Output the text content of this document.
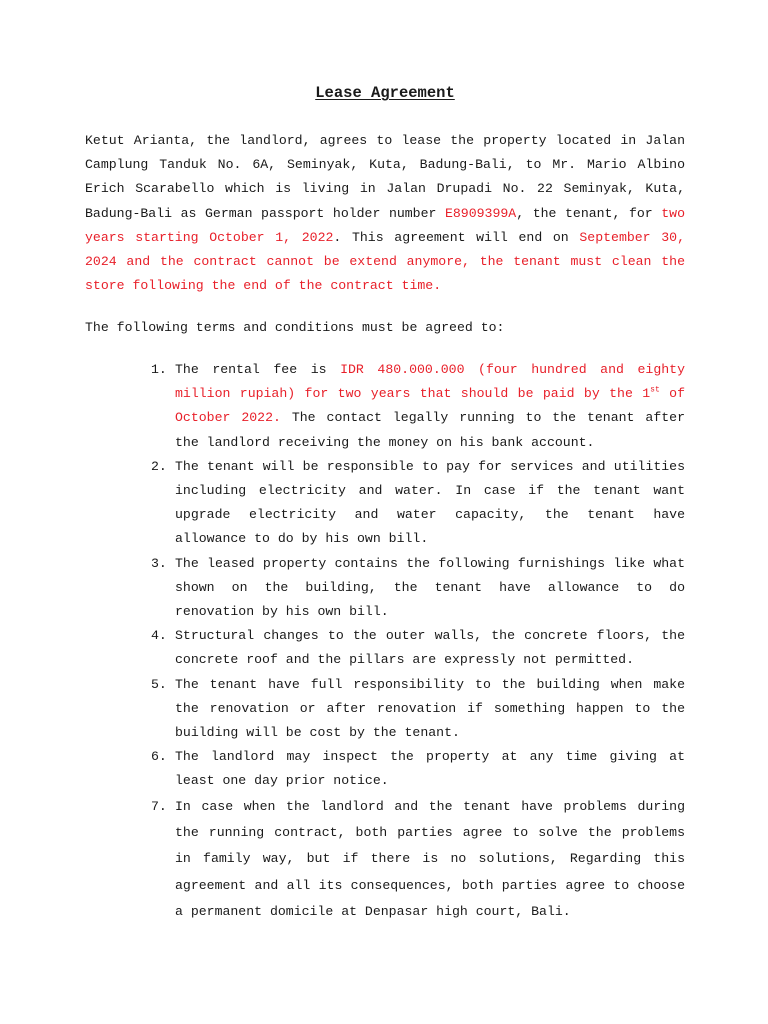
Lease Agreement

Ketut Arianta, the landlord, agrees to lease the property located in Jalan Camplung Tanduk No. 6A, Seminyak, Kuta, Badung-Bali, to Mr. Mario Albino Erich Scarabello which is living in Jalan Drupadi No. 22 Seminyak, Kuta, Badung-Bali as German passport holder number E8909399A, the tenant, for two years starting October 1, 2022. This agreement will end on September 30, 2024 and the contract cannot be extend anymore, the tenant must clean the store following the end of the contract time.

The following terms and conditions must be agreed to:

1. The rental fee is IDR 480.000.000 (four hundred and eighty million rupiah) for two years that should be paid by the 1st of October 2022. The contact legally running to the tenant after the landlord receiving the money on his bank account.
2. The tenant will be responsible to pay for services and utilities including electricity and water. In case if the tenant want upgrade electricity and water capacity, the tenant have allowance to do by his own bill.
3. The leased property contains the following furnishings like what shown on the building, the tenant have allowance to do renovation by his own bill.
4. Structural changes to the outer walls, the concrete floors, the concrete roof and the pillars are expressly not permitted.
5. The tenant have full responsibility to the building when make the renovation or after renovation if something happen to the building will be cost by the tenant.
6. The landlord may inspect the property at any time giving at least one day prior notice.
7. In case when the landlord and the tenant have problems during the running contract, both parties agree to solve the problems in family way, but if there is no solutions, Regarding this agreement and all its consequences, both parties agree to choose a permanent domicile at Denpasar high court, Bali.
